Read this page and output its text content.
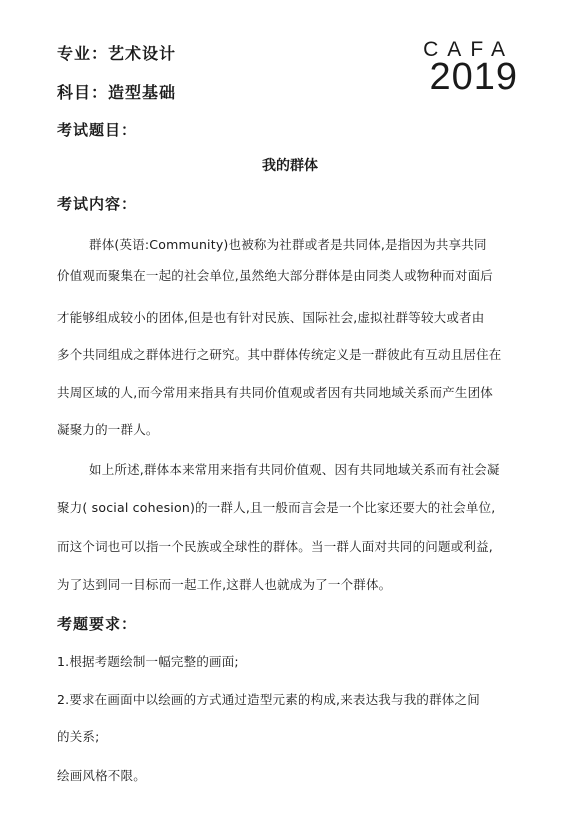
专业：艺术设计
科目：造型基础
CAFA
2019
考试题目：
我的群体
考试内容：
群体(英语:Community)也被称为社群或者是共同体,是指因为共享共同
价值观而聚集在一起的社会单位,虽然绝大部分群体是由同类人或物种而对面后
才能够组成较小的团体,但是也有针对民族、国际社会,虚拟社群等较大或者由
多个共同组成之群体进行之研究。其中群体传统定义是一群彼此有互动且居住在
共周区域的人,而今常用来指具有共同价值观或者因有共同地域关系而产生团体
凝聚力的一群人。
如上所述,群体本来常用来指有共同价值观、因有共同地域关系而有社会凝
聚力( social cohesion)的一群人,且一般而言会是一个比家还要大的社会单位,
而这个词也可以指一个民族或全球性的群体。当一群人面对共同的问题或利益,
为了达到同一目标而一起工作,这群人也就成为了一个群体。
考题要求：
1.根据考题绘制一幅完整的画面;
2.要求在画面中以绘画的方式通过造型元素的构成,来表达我与我的群体之间
的关系;
绘画风格不限。
